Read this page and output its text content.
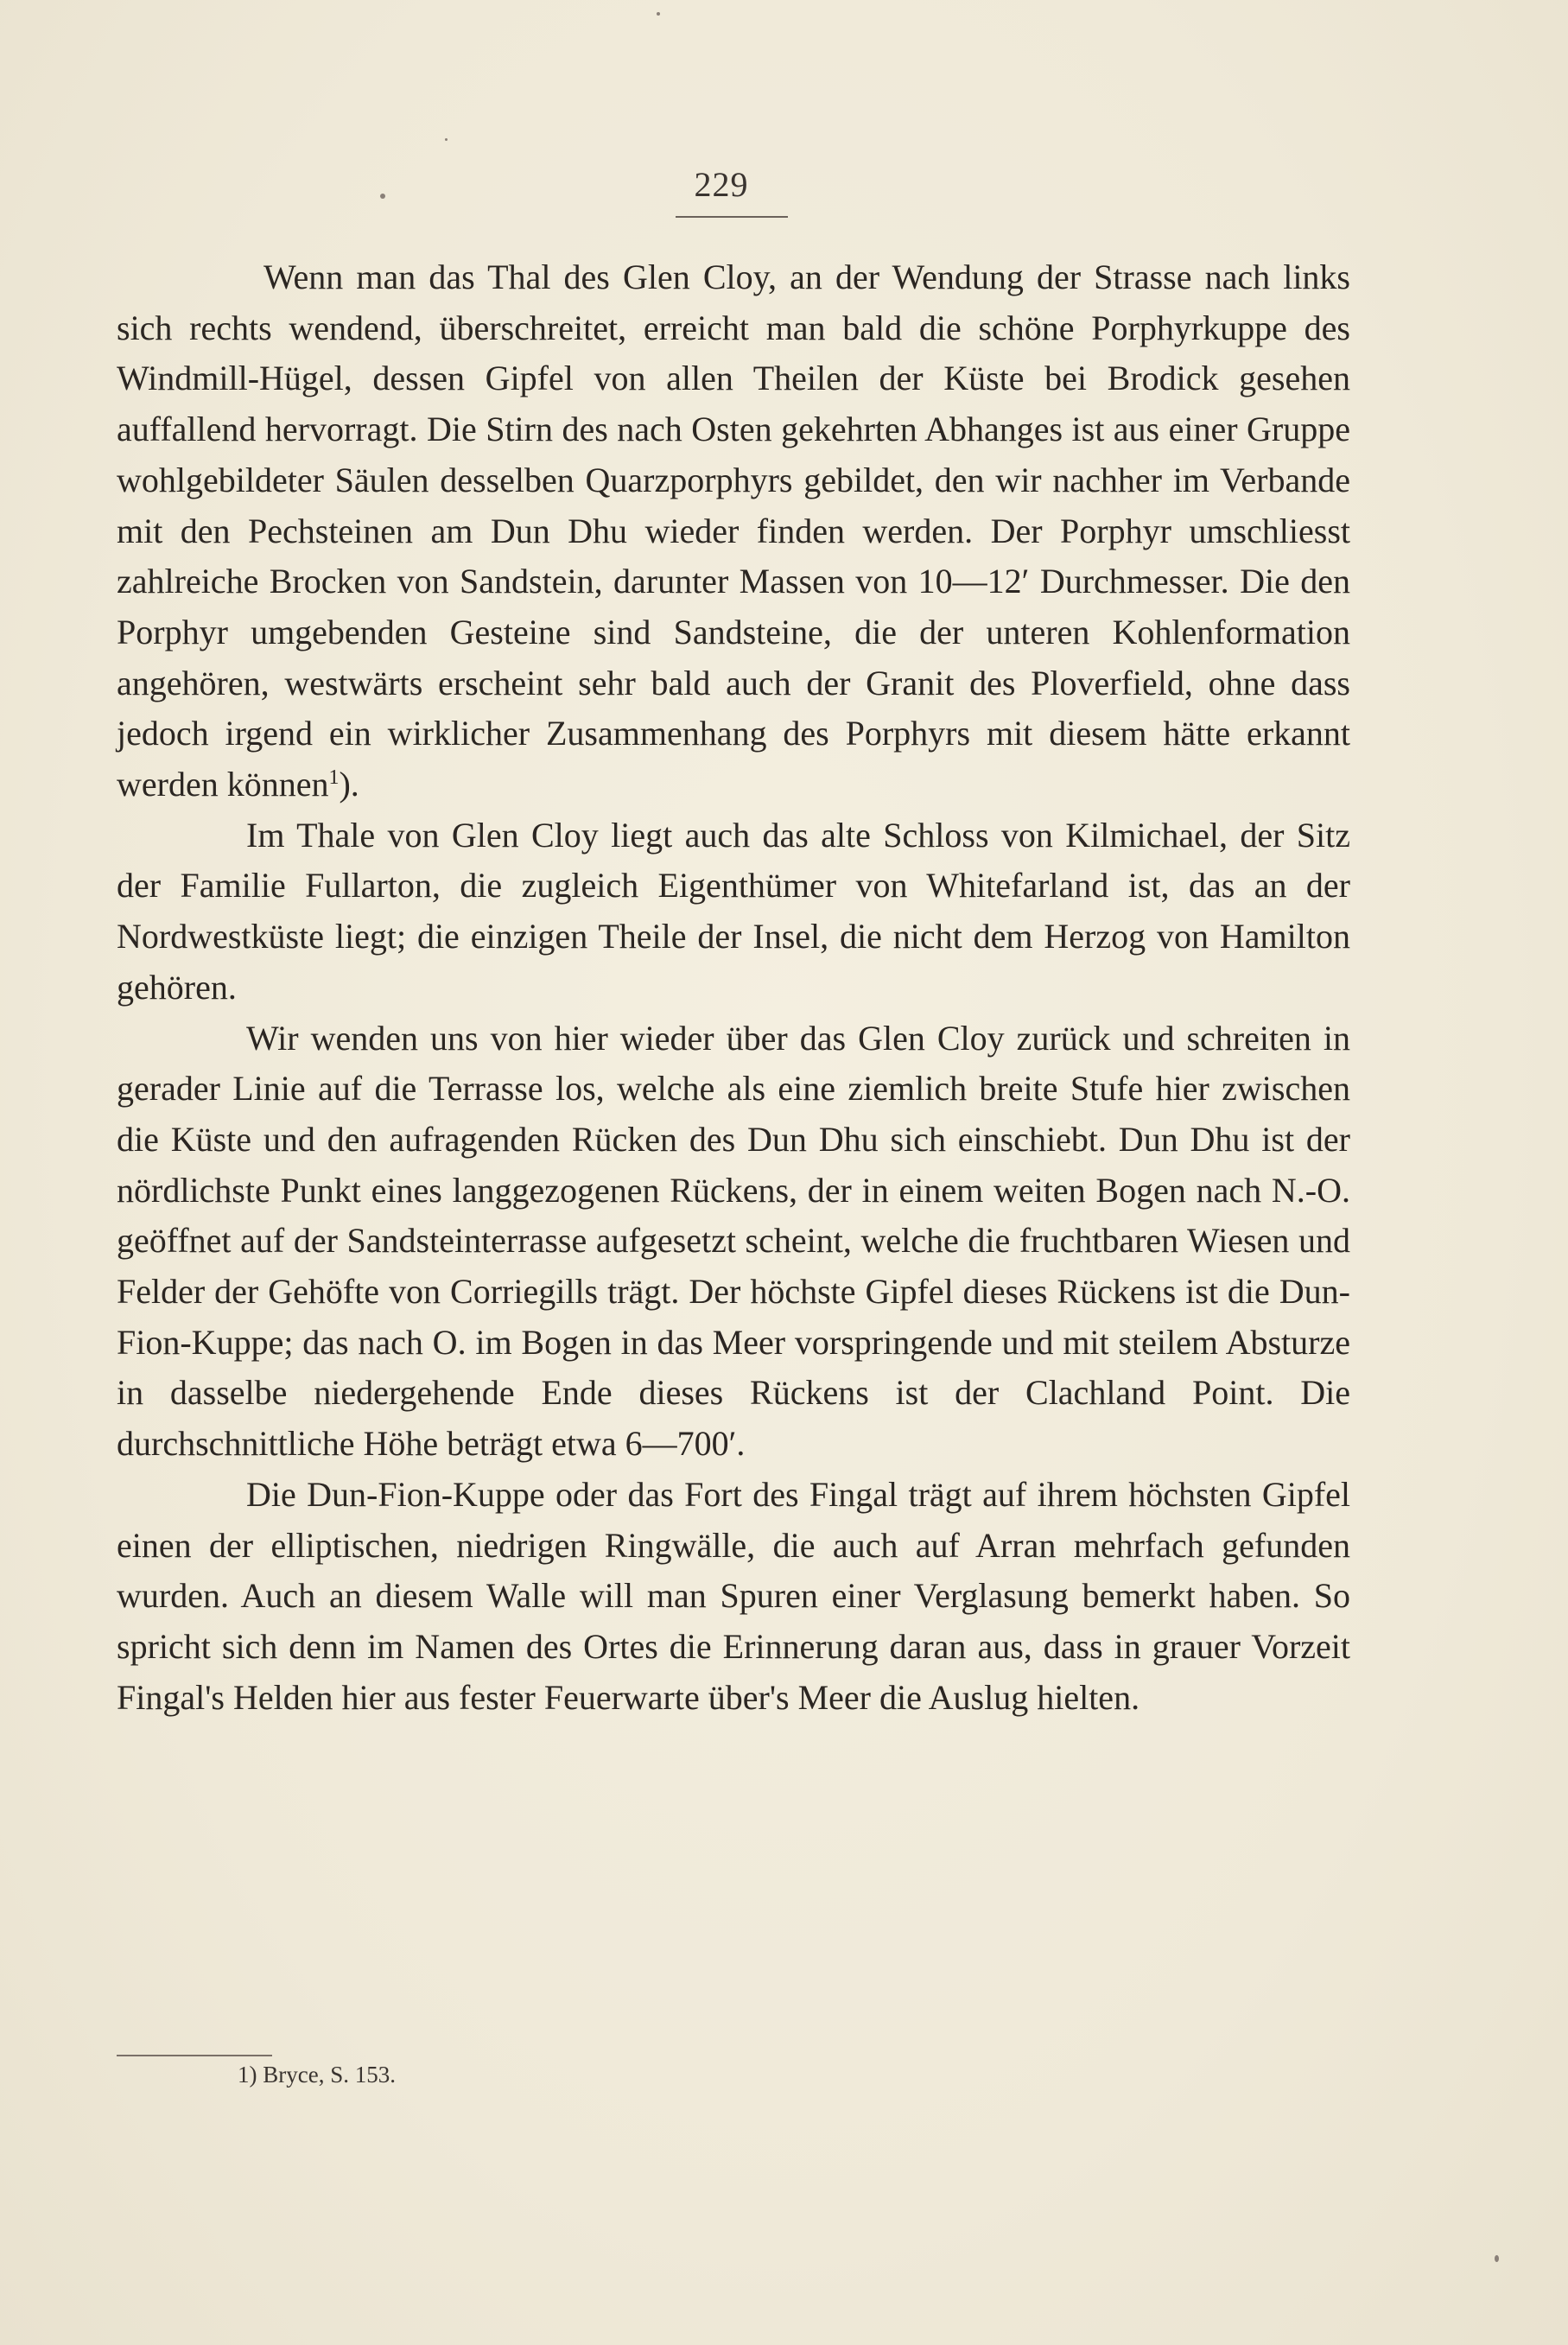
229

Wenn man das Thal des Glen Cloy, an der Wendung der Strasse nach links sich rechts wendend, überschreitet, erreicht man bald die schöne Porphyrkuppe des Windmill-Hügel, dessen Gipfel von allen Theilen der Küste bei Brodick gesehen auffallend hervorragt. Die Stirn des nach Osten gekehrten Abhanges ist aus einer Gruppe wohlgebildeter Säulen desselben Quarzporphyrs gebildet, den wir nachher im Verbande mit den Pechsteinen am Dun Dhu wieder finden werden. Der Porphyr umschliesst zahlreiche Brocken von Sandstein, darunter Massen von 10—12′ Durchmesser. Die den Porphyr umgebenden Gesteine sind Sandsteine, die der unteren Kohlenformation angehören, westwärts erscheint sehr bald auch der Granit des Ploverfield, ohne dass jedoch irgend ein wirklicher Zusammenhang des Porphyrs mit diesem hätte erkannt werden können$^1$).

Im Thale von Glen Cloy liegt auch das alte Schloss von Kilmichael, der Sitz der Familie Fullarton, die zugleich Eigenthümer von Whitefarland ist, das an der Nordwestküste liegt; die einzigen Theile der Insel, die nicht dem Herzog von Hamilton gehören.

Wir wenden uns von hier wieder über das Glen Cloy zurück und schreiten in gerader Linie auf die Terrasse los, welche als eine ziemlich breite Stufe hier zwischen die Küste und den aufragenden Rücken des Dun Dhu sich einschiebt. Dun Dhu ist der nördlichste Punkt eines langgezogenen Rückens, der in einem weiten Bogen nach N.-O. geöffnet auf der Sandsteinterrasse aufgesetzt scheint, welche die fruchtbaren Wiesen und Felder der Gehöfte von Corriegills trägt. Der höchste Gipfel dieses Rückens ist die Dun-Fion-Kuppe; das nach O. im Bogen in das Meer vorspringende und mit steilem Absturze in dasselbe niedergehende Ende dieses Rückens ist der Clachland Point. Die durchschnittliche Höhe beträgt etwa 6—700′.

Die Dun-Fion-Kuppe oder das Fort des Fingal trägt auf ihrem höchsten Gipfel einen der elliptischen, niedrigen Ringwälle, die auch auf Arran mehrfach gefunden wurden. Auch an diesem Walle will man Spuren einer Verglasung bemerkt haben. So spricht sich denn im Namen des Ortes die Erinnerung daran aus, dass in grauer Vorzeit Fingal's Helden hier aus fester Feuerwarte über's Meer die Auslug hielten.

1) Bryce, S. 153.
